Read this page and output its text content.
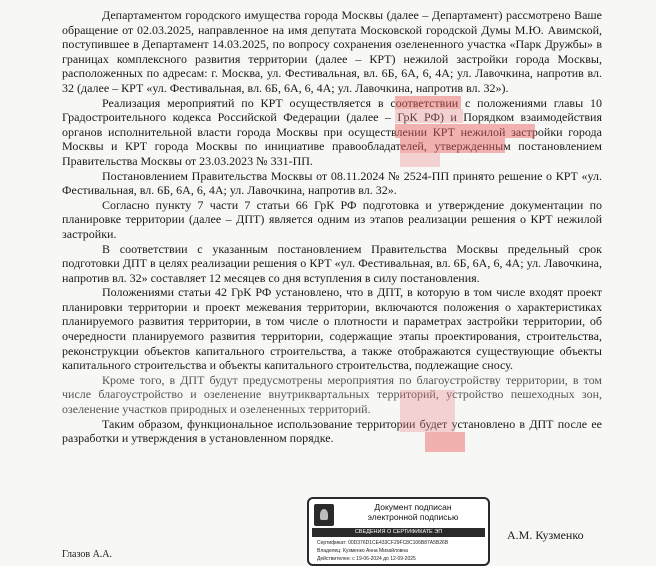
Департаментом городского имущества города Москвы (далее – Департамент) рассмотрено Ваше обращение от 02.03.2025, направленное на имя депутата Московской городской Думы М.Ю. Авимской, поступившее в Департамент 14.03.2025, по вопросу сохранения озелененного участка «Парк Дружбы» в границах комплексного развития территории (далее – КРТ) нежилой застройки города Москвы, расположенных по адресам: г. Москва, ул. Фестивальная, вл. 6Б, 6А, 6, 4А; ул. Лавочкина, напротив вл. 32 (далее – КРТ «ул. Фестивальная, вл. 6Б, 6А, 6, 4А; ул. Лавочкина, напротив вл. 32»).

Реализация мероприятий по КРТ осуществляется в соответствии с положениями главы 10 Градостроительного кодекса Российской Федерации (далее – ГрК РФ) и Порядком взаимодействия органов исполнительной власти города Москвы при осуществлении КРТ нежилой застройки города Москвы и КРТ города Москвы по инициативе правообладателей, утвержденным постановлением Правительства Москвы от 23.03.2023 № 331-ПП.

Постановлением Правительства Москвы от 08.11.2024 № 2524-ПП принято решение о КРТ «ул. Фестивальная, вл. 6Б, 6А, 6, 4А; ул. Лавочкина, напротив вл. 32».

Согласно пункту 7 части 7 статьи 66 ГрК РФ подготовка и утверждение документации по планировке территории (далее – ДПТ) является одним из этапов реализации решения о КРТ нежилой застройки.

В соответствии с указанным постановлением Правительства Москвы предельный срок подготовки ДПТ в целях реализации решения о КРТ «ул. Фестивальная, вл. 6Б, 6А, 6, 4А; ул. Лавочкина, напротив вл. 32» составляет 12 месяцев со дня вступления в силу постановления.

Положениями статьи 42 ГрК РФ установлено, что в ДПТ, в которую в том числе входят проект планировки территории и проект межевания территории, включаются положения о характеристиках планируемого развития территории, в том числе о плотности и параметрах застройки территории, об очередности планируемого развития территории, содержащие этапы проектирования, строительства, реконструкции объектов капитального строительства, а также отображаются существующие объекты капитального строительства и объекты капитального строительства, подлежащие сносу.

Кроме того, в ДПТ будут предусмотрены мероприятия по благоустройству территории, в том числе благоустройство и озеленение внутриквартальных территорий, устройство пешеходных зон, озеленение участков природных и озелененных территорий.

Таким образом, функциональное использование территории будет установлено в ДПТ после ее разработки и утверждения в установленном порядке.

Документ подписан
электронной подписью
СВЕДЕНИЯ О СЕРТИФИКАТЕ ЭП
Сертификат: 00D376D1CE433CF29FC8C106B87A5B26B
Владелец: Кузменко Анна Михайловна
Действителен: с 19-06-2024 до 12-09-2025
А.М. Кузменко
Глазов А.А.
